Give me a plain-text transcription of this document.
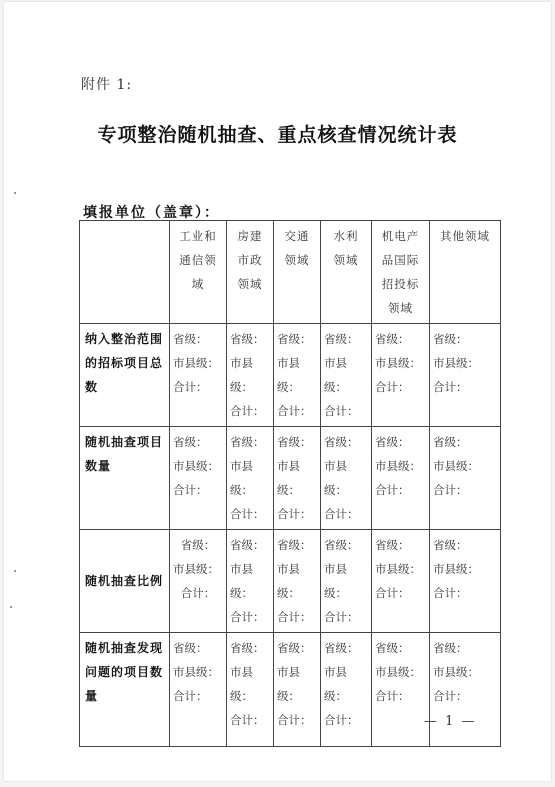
附件 1:
专项整治随机抽查、重点核查情况统计表
填报单位（盖章）：

	工业和
通信领
域	房建
市政
领域	交通
领域	水利
领域	机电产
品国际
招投标
领域	其他领域

纳入整治范围
的招标项目总
数	省级：
市县级：
合计：	省级：
市县
级：
合计：	省级：
市县
级：
合计：	省级：
市县
级：
合计：	省级：
市县级：
合计：	省级：
市县级：
合计：

随机抽查项目
数量	省级：
市县级：
合计：	省级：
市县
级：
合计：	省级：
市县
级：
合计：	省级：
市县
级：
合计：	省级：
市县级：
合计：	省级：
市县级：
合计：

随机抽查比例	省级：
市县级：
合计：	省级：
市县
级：
合计：	省级：
市县
级：
合计：	省级：
市县
级：
合计：	省级：
市县级：
合计：	省级：
市县级：
合计：

随机抽查发现
问题的项目数
量	省级：
市县级：
合计：	省级：
市县
级：
合计：	省级：
市县
级：
合计：	省级：
市县
级：
合计：	省级：
市县级：
合计：	省级：
市县级：
合计：
— 1 —
